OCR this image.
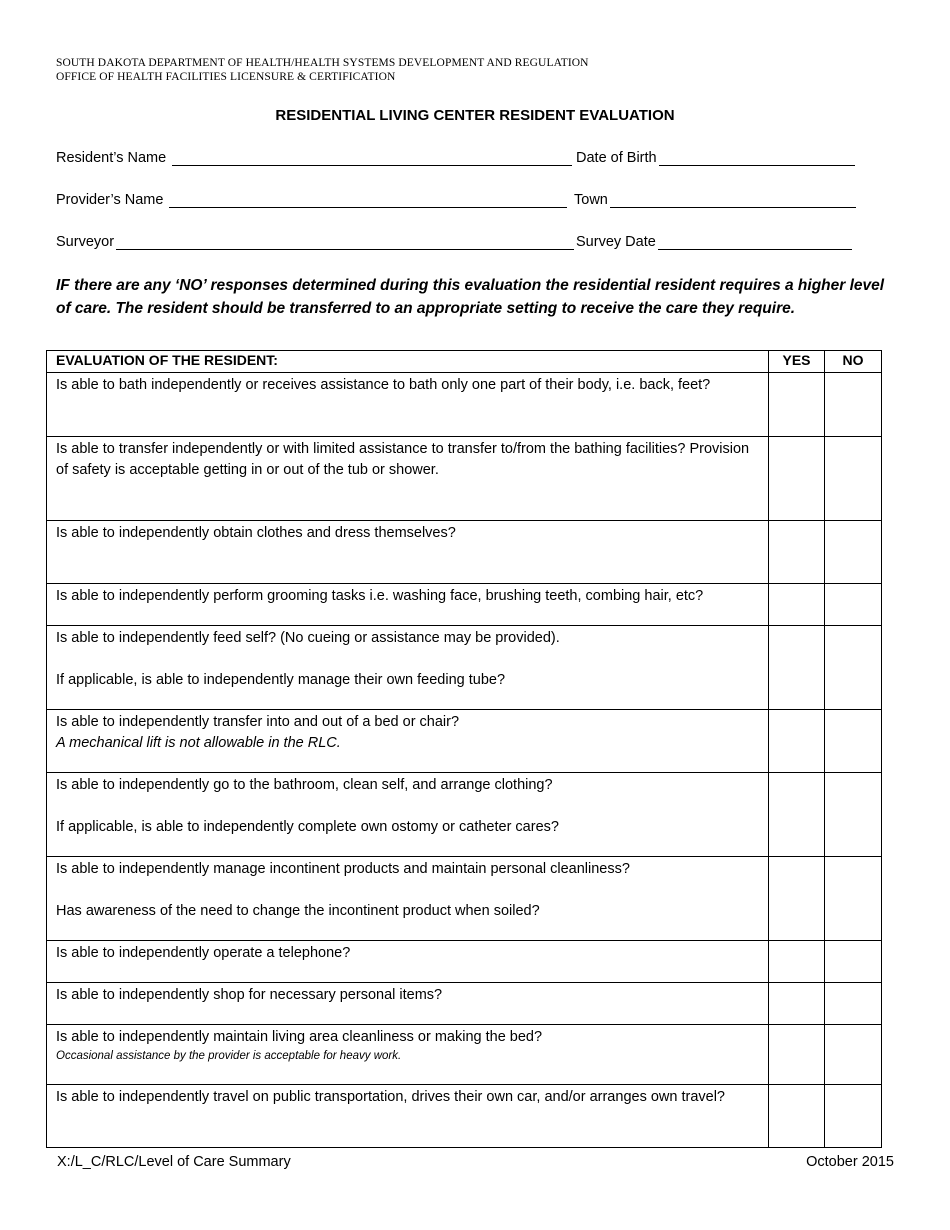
SOUTH DAKOTA DEPARTMENT OF HEALTH/HEALTH SYSTEMS DEVELOPMENT AND REGULATION
OFFICE OF HEALTH FACILITIES LICENSURE & CERTIFICATION
RESIDENTIAL LIVING CENTER RESIDENT EVALUATION
Resident’s Name	Date of Birth
Provider’s Name	Town
Surveyor	Survey Date
IF there are any ‘NO’ responses determined during this evaluation the residential resident requires a higher level of care. The resident should be transferred to an appropriate setting to receive the care they require.
EVALUATION OF THE RESIDENT:	YES	NO
Is able to bath independently or receives assistance to bath only one part of their body, i.e. back, feet?		
Is able to transfer independently or with limited assistance to transfer to/from the bathing facilities? Provision of safety is acceptable getting in or out of the tub or shower.		
Is able to independently obtain clothes and dress themselves?		
Is able to independently perform grooming tasks i.e. washing face, brushing teeth, combing hair, etc?		

Is able to independently feed self? (No cueing or assistance may be provided).
If applicable, is able to independently manage their own feeding tube?		

Is able to independently transfer into and out of a bed or chair?
A mechanical lift is not allowable in the RLC.		

Is able to independently go to the bathroom, clean self, and arrange clothing?
If applicable, is able to independently complete own ostomy or catheter cares?		

Is able to independently manage incontinent products and maintain personal cleanliness?
Has awareness of the need to change the incontinent product when soiled?		

Is able to independently operate a telephone?		
Is able to independently shop for necessary personal items?		

Is able to independently maintain living area cleanliness or making the bed?
Occasional assistance by the provider is acceptable for heavy work.		

Is able to independently travel on public transportation, drives their own car, and/or arranges own travel?		
X:/L_C/RLC/Level of Care Summary	October 2015
